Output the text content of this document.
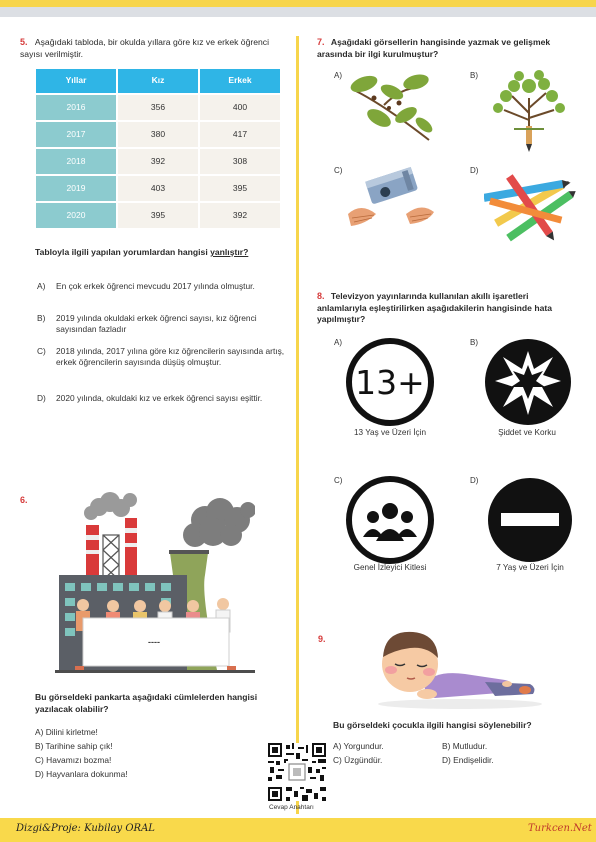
5. Aşağıdaki tabloda, bir okulda yıllara göre kız ve erkek öğrenci sayısı verilmiştir.
Yıllar	Kız	Erkek
2016	356	400
2017	380	417
2018	392	308
2019	403	395
2020	395	392
Tabloyla ilgili yapılan yorumlardan hangisi yanlıştır?
A) En çok erkek öğrenci mevcudu 2017 yılında olmuştur.
B) 2019 yılında okuldaki erkek öğrenci sayısı, kız öğrenci sayısından fazladır
C) 2018 yılında, 2017 yılına göre kız öğrencilerin sayısında artış, erkek öğrencilerin sayısında düşüş olmuştur.
D) 2020 yılında, okuldaki kız ve erkek öğrenci sayısı eşittir.
6.
----
Bu görseldeki pankarta aşağıdaki cümlelerden hangisi yazılacak olabilir?
A) Dilini kirletme!
B) Tarihine sahip çık!
C) Havamızı bozma!
D) Hayvanlara dokunma!
Cevap Anahtarı
7. Aşağıdaki görsellerin hangisinde yazmak ve gelişmek arasında bir ilgi kurulmuştur?
A)	B)
C)	D)
8. Televizyon yayınlarında kullanılan akıllı işaretleri anlamlarıyla eşleştirilirken aşağıdakilerin hangisinde hata yapılmıştır?
A)
13+
13 Yaş ve Üzeri İçin
B)
Şiddet ve Korku
C)
Genel İzleyici Kitlesi
D)
7 Yaş ve Üzeri İçin
9.
Bu görseldeki çocukla ilgili hangisi söylenebilir?
A) Yorgundur.	B) Mutludur.
C) Üzgündür.	D) Endişelidir.
Dizgi&Proje: Kubilay ORAL	Turkcen.Net
